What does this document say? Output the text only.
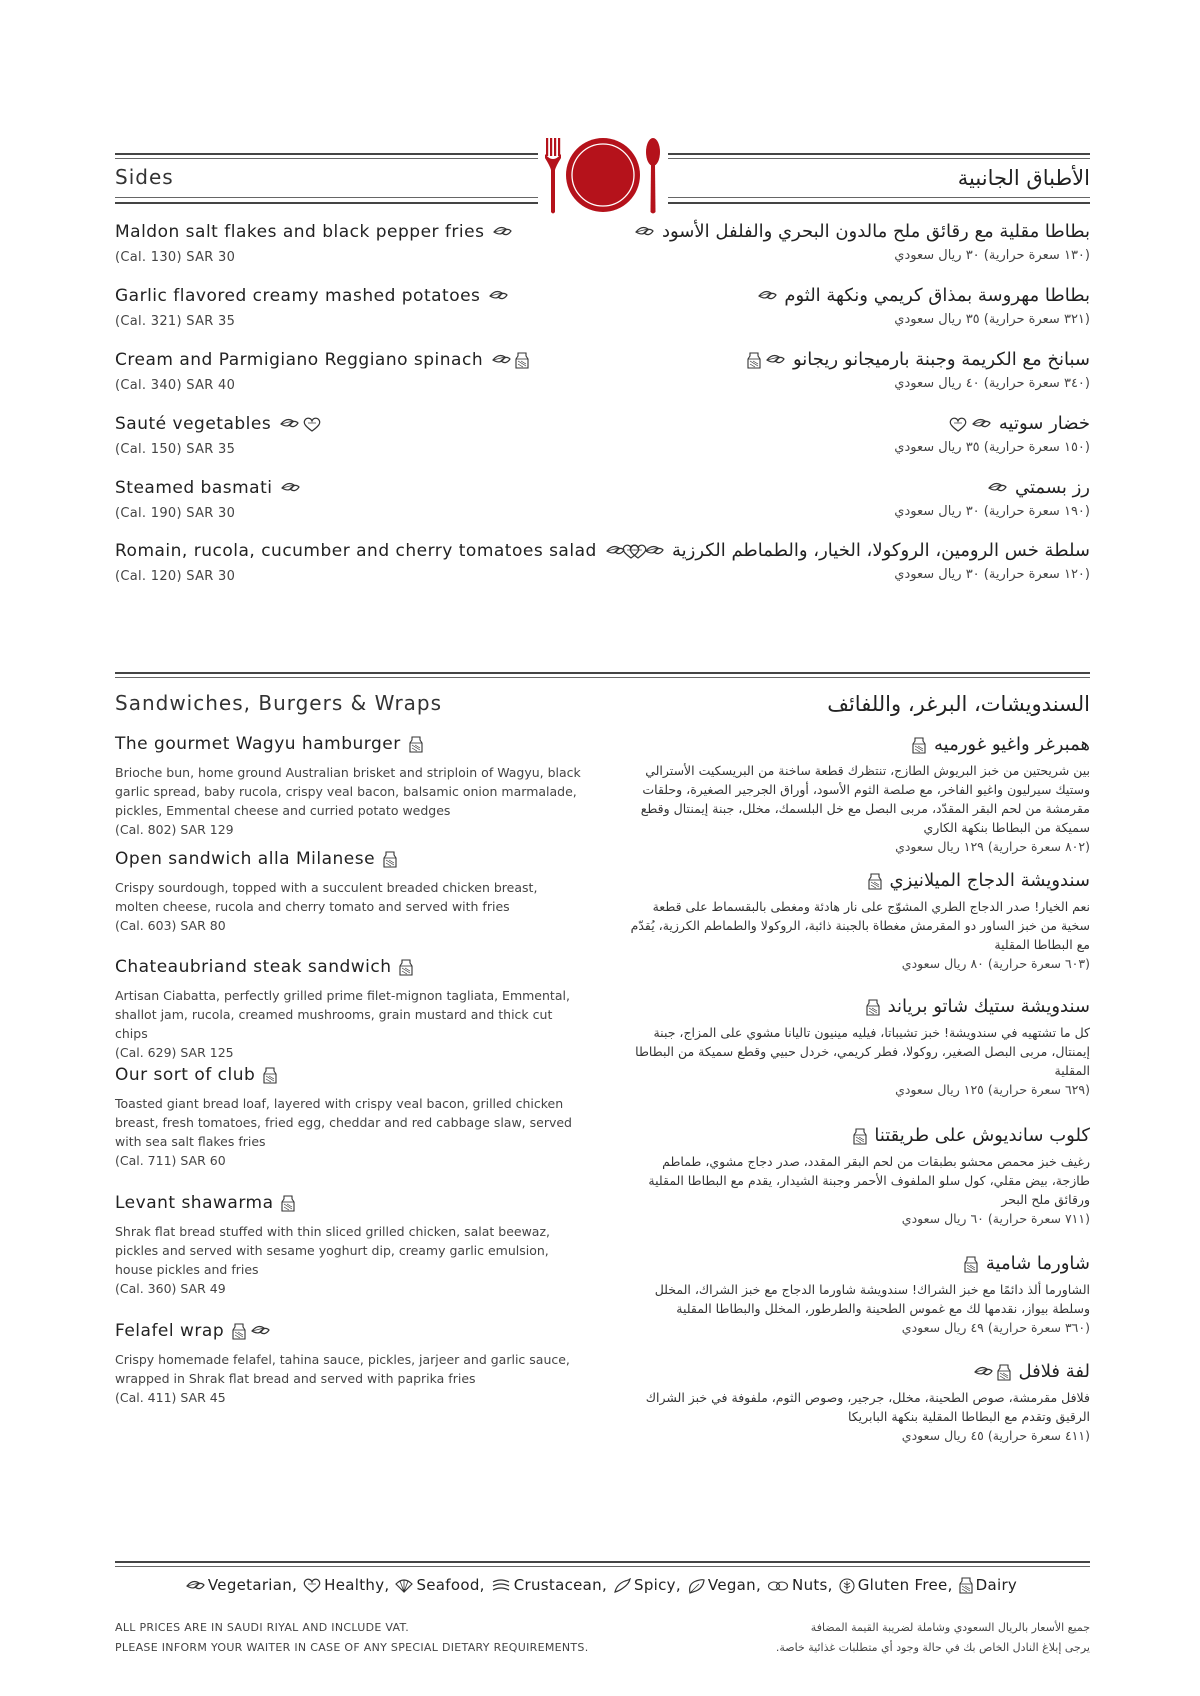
Sides	الأطباق الجانبية
Maldon salt flakes and black pepper fries
(Cal. 130) SAR 30
بطاطا مقلية مع رقائق ملح مالدون البحري والفلفل الأسود
(١٣٠ سعرة حرارية) ٣٠ ريال سعودي
Garlic flavored creamy mashed potatoes
(Cal. 321) SAR 35
بطاطا مهروسة بمذاق كريمي ونكهة الثوم
(٣٢١ سعرة حرارية) ٣٥ ريال سعودي
Cream and Parmigiano Reggiano spinach
(Cal. 340) SAR 40
سبانخ مع الكريمة وجبنة بارميجانو ريجانو
(٣٤٠ سعرة حرارية) ٤٠ ريال سعودي
Sauté vegetables
(Cal. 150) SAR 35
خضار سوتيه
(١٥٠ سعرة حرارية) ٣٥ ريال سعودي
Steamed basmati
(Cal. 190) SAR 30
رز بسمتي
(١٩٠ سعرة حرارية) ٣٠ ريال سعودي
Romain, rucola, cucumber and cherry tomatoes salad
(Cal. 120) SAR 30
سلطة خس الرومين، الروكولا، الخيار، والطماطم الكرزية
(١٢٠ سعرة حرارية) ٣٠ ريال سعودي
Sandwiches, Burgers & Wraps	السندويشات، البرغر، واللفائف
The gourmet Wagyu hamburger
Brioche bun, home ground Australian brisket and striploin of Wagyu, black garlic spread, baby rucola, crispy veal bacon, balsamic onion marmalade, pickles, Emmental cheese and curried potato wedges
(Cal. 802) SAR 129
همبرغر واغيو غورميه
بين شريحتين من خبز البريوش الطازج، تنتظرك قطعة ساخنة من البريسكيت الأسترالي وستيك سيرليون واغيو الفاخر، مع صلصة الثوم الأسود، أوراق الجرجير الصغيرة، وحلقات مقرمشة من لحم البقر المقدّد، مربى البصل مع خل البلسمك، مخلل، جبنة إيمنتال وقطع سميكة من البطاطا بنكهة الكاري
(٨٠٢ سعرة حرارية) ١٢٩ ريال سعودي
Open sandwich alla Milanese
Crispy sourdough, topped with a succulent breaded chicken breast, molten cheese, rucola and cherry tomato and served with fries
(Cal. 603) SAR 80
سندويشة الدجاج الميلانيزي
نعم الخيار! صدر الدجاج الطري المشوّج على نار هادئة ومغطى بالبقسماط على قطعة سخية من خبز الساور دو المقرمش مغطاة بالجبنة ذائبة، الروكولا والطماطم الكرزية، يُقدّم مع البطاطا المقلية
(٦٠٣ سعرة حرارية) ٨٠ ريال سعودي
Chateaubriand steak sandwich
Artisan Ciabatta, perfectly grilled prime filet-mignon tagliata, Emmental, shallot jam, rucola, creamed mushrooms, grain mustard and thick cut chips
(Cal. 629) SAR 125
سندويشة ستيك شاتو برياند
كل ما تشتهيه في سندويشة! خبز تشيباتا، فيليه مينيون تاليانا مشوي على المزاج، جبنة إيمنتال، مربى البصل الصغير، روكولا، فطر كريمي، خردل حبيي وقطع سميكة من البطاطا المقلية
(٦٢٩ سعرة حرارية) ١٢٥ ريال سعودي
Our sort of club
Toasted giant bread loaf, layered with crispy veal bacon, grilled chicken breast, fresh tomatoes, fried egg, cheddar and red cabbage slaw, served with sea salt flakes fries
(Cal. 711) SAR 60
كلوب سانديوش على طريقتنا
رغيف خبز محمص محشو بطبقات من لحم البقر المقدد، صدر دجاج مشوي، طماطم طازجة، بيض مقلي، كول سلو الملفوف الأحمر وجبنة الشيدار، يقدم مع البطاطا المقلية ورقائق ملح البحر
(٧١١ سعرة حرارية) ٦٠ ريال سعودي
Levant shawarma
Shrak flat bread stuffed with thin sliced grilled chicken, salat beewaz, pickles and served with sesame yoghurt dip, creamy garlic emulsion, house pickles and fries
(Cal. 360) SAR 49
شاورما شامية
الشاورما ألذ دائمًا مع خبز الشراك! سندويشة شاورما الدجاج مع خبز الشراك، المخلل وسلطة بيواز، نقدمها لك مع غموس الطحينة والطرطور، المخلل والبطاطا المقلية
(٣٦٠ سعرة حرارية) ٤٩ ريال سعودي
Felafel wrap
Crispy homemade felafel, tahina sauce, pickles, jarjeer and garlic sauce, wrapped in Shrak flat bread and served with paprika fries
(Cal. 411) SAR 45
لفة فلافل
فلافل مقرمشة، صوص الطحينة، مخلل، جرجير، وصوص الثوم، ملفوفة في خبز الشراك الرقيق وتقدم مع البطاطا المقلية بنكهة البابريكا
(٤١١ سعرة حرارية) ٤٥ ريال سعودي
Vegetarian, Healthy, Seafood, Crustacean, Spicy, Vegan, Nuts, Gluten Free, Dairy
ALL PRICES ARE IN SAUDI RIYAL AND INCLUDE VAT.
PLEASE INFORM YOUR WAITER IN CASE OF ANY SPECIAL DIETARY REQUIREMENTS.
جميع الأسعار بالريال السعودي وشاملة لضريبة القيمة المضافة
يرجى إبلاغ النادل الخاص بك في حالة وجود أي متطلبات غذائية خاصة.
